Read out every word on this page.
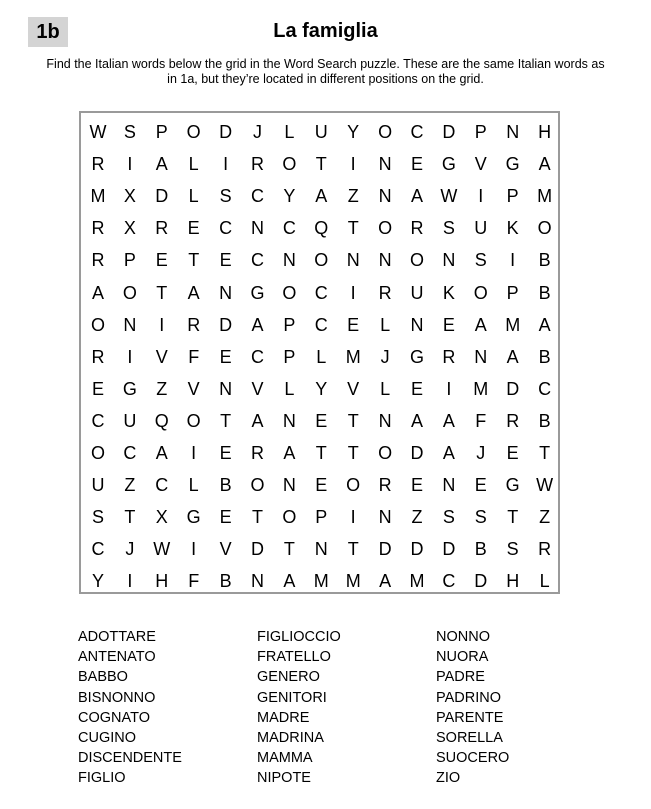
1b	La famiglia
Find the Italian words below the grid in the Word Search puzzle. These are the same Italian words as in 1a, but they’re located in different positions on the grid.
W S	P	O	D	J	L	U	Y	O	C	D	P	N	H
R	I	A	L	I	R	O	T	I	N	E	G	V	G	A
M	X	D	L	S	C	Y	A	Z	N	A W	I	P	M
R	X	R	E	C	N	C	Q	T	O	R	S	U	K	O
R	P	E	T	E	C	N	O	N	N	O	N	S	I	B
A	O	T	A	N	G O	C	I	R	U	K	O	P	B
O	N	I	R	D	A	P	C	E	L	N	E	A	M	A
R	I	V	F	E	C	P	L	M	J	G	R	N	A	B
E	G	Z	V	N	V	L	Y	V	L	E	I	M D	C
C	U	Q O	T	A	N	E	T	N	A	A	F	R	B
O	C	A	I	E	R	A	T	T	O	D	A	J	E	T
U	Z	C	L	B	O	N	E	O	R	E	N	E	G W
S	T	X	G	E	T	O	P	I	N	Z	S	S	T	Z
C	J	W	I	V	D	T	N	T	D	D	D	B	S	R
Y	I	H	F	B	N	A	M M	A	M C	D	H	L
ADOTTARE
ANTENATO
BABBO
BISNONNO
COGNATO
CUGINO
DISCENDENTE
FIGLIO
FIGLIOCCIO
FRATELLO
GENERO
GENITORI
MADRE
MADRINA
MAMMA
NIPOTE
NONNO
NUORA
PADRE
PADRINO
PARENTE
SORELLA
SUOCERO
ZIO
